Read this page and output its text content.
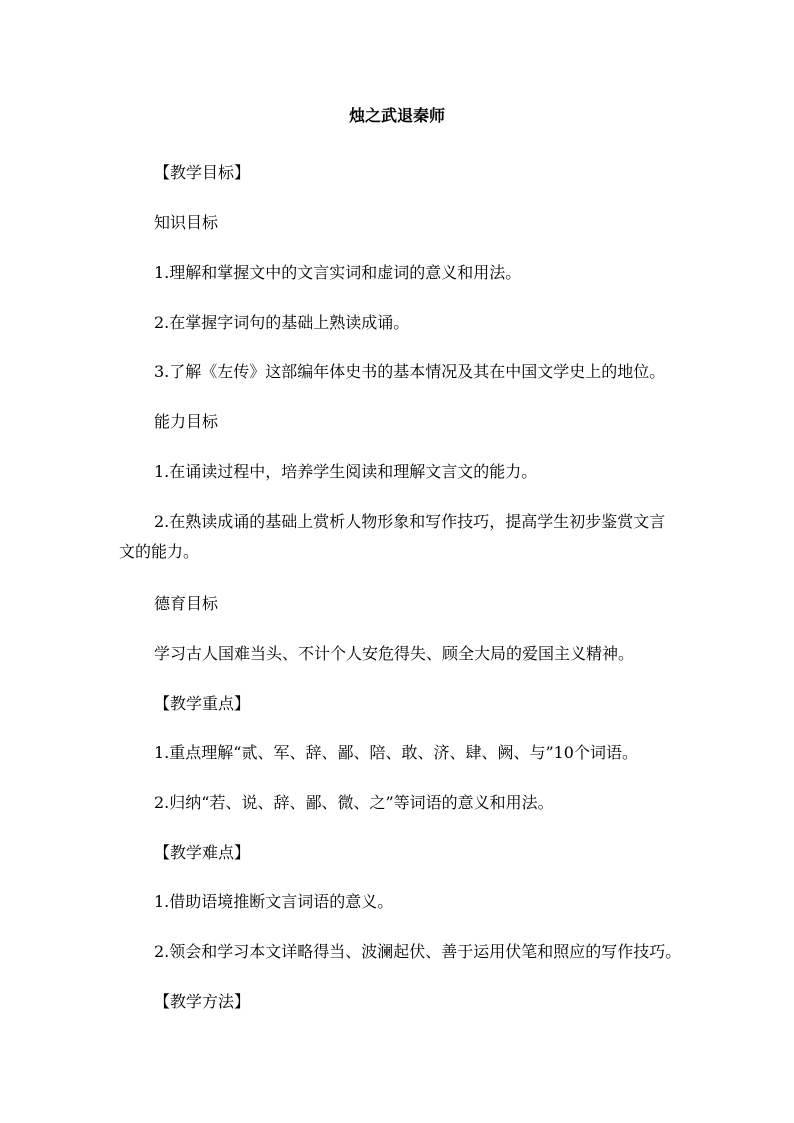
烛之武退秦师
【教学目标】
知识目标
1.理解和掌握文中的文言实词和虚词的意义和用法。
2.在掌握字词句的基础上熟读成诵。
3.了解《左传》这部编年体史书的基本情况及其在中国文学史上的地位。
能力目标
1.在诵读过程中，培养学生阅读和理解文言文的能力。
2.在熟读成诵的基础上赏析人物形象和写作技巧，提高学生初步鉴赏文言文的能力。
德育目标
学习古人国难当头、不计个人安危得失、顾全大局的爱国主义精神。
【教学重点】
1.重点理解“贰、军、辞、鄙、陪、敢、济、肆、阙、与”10个词语。
2.归纳“若、说、辞、鄙、微、之”等词语的意义和用法。
【教学难点】
1.借助语境推断文言词语的意义。
2.领会和学习本文详略得当、波澜起伏、善于运用伏笔和照应的写作技巧。
【教学方法】
